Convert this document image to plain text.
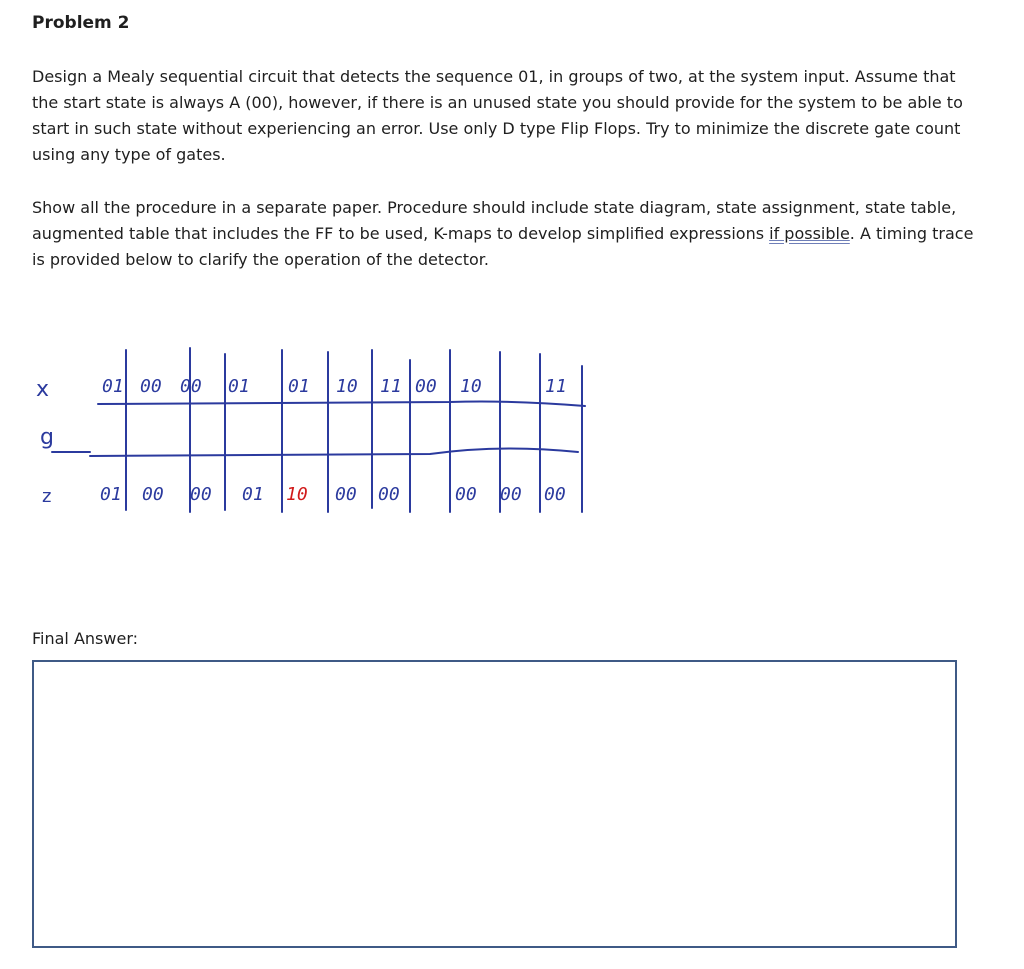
Problem 2

Design a Mealy sequential circuit that detects the sequence 01, in groups of two, at the system input. Assume that the start state is always A (00), however, if there is an unused state you should provide for the system to be able to start in such state without experiencing an error. Use only D type Flip Flops. Try to minimize the discrete gate count using any type of gates.

Show all the procedure in a separate paper. Procedure should include state diagram, state assignment, state table, augmented table that includes the FF to be used, K-maps to develop simplified expressions if possible. A timing trace is provided below to clarify the operation of the detector.

x
g
z
01 00 00 01 01 10 11 00 10	11
01 00 00 01 10 00 00	00 00 00

Final Answer:
